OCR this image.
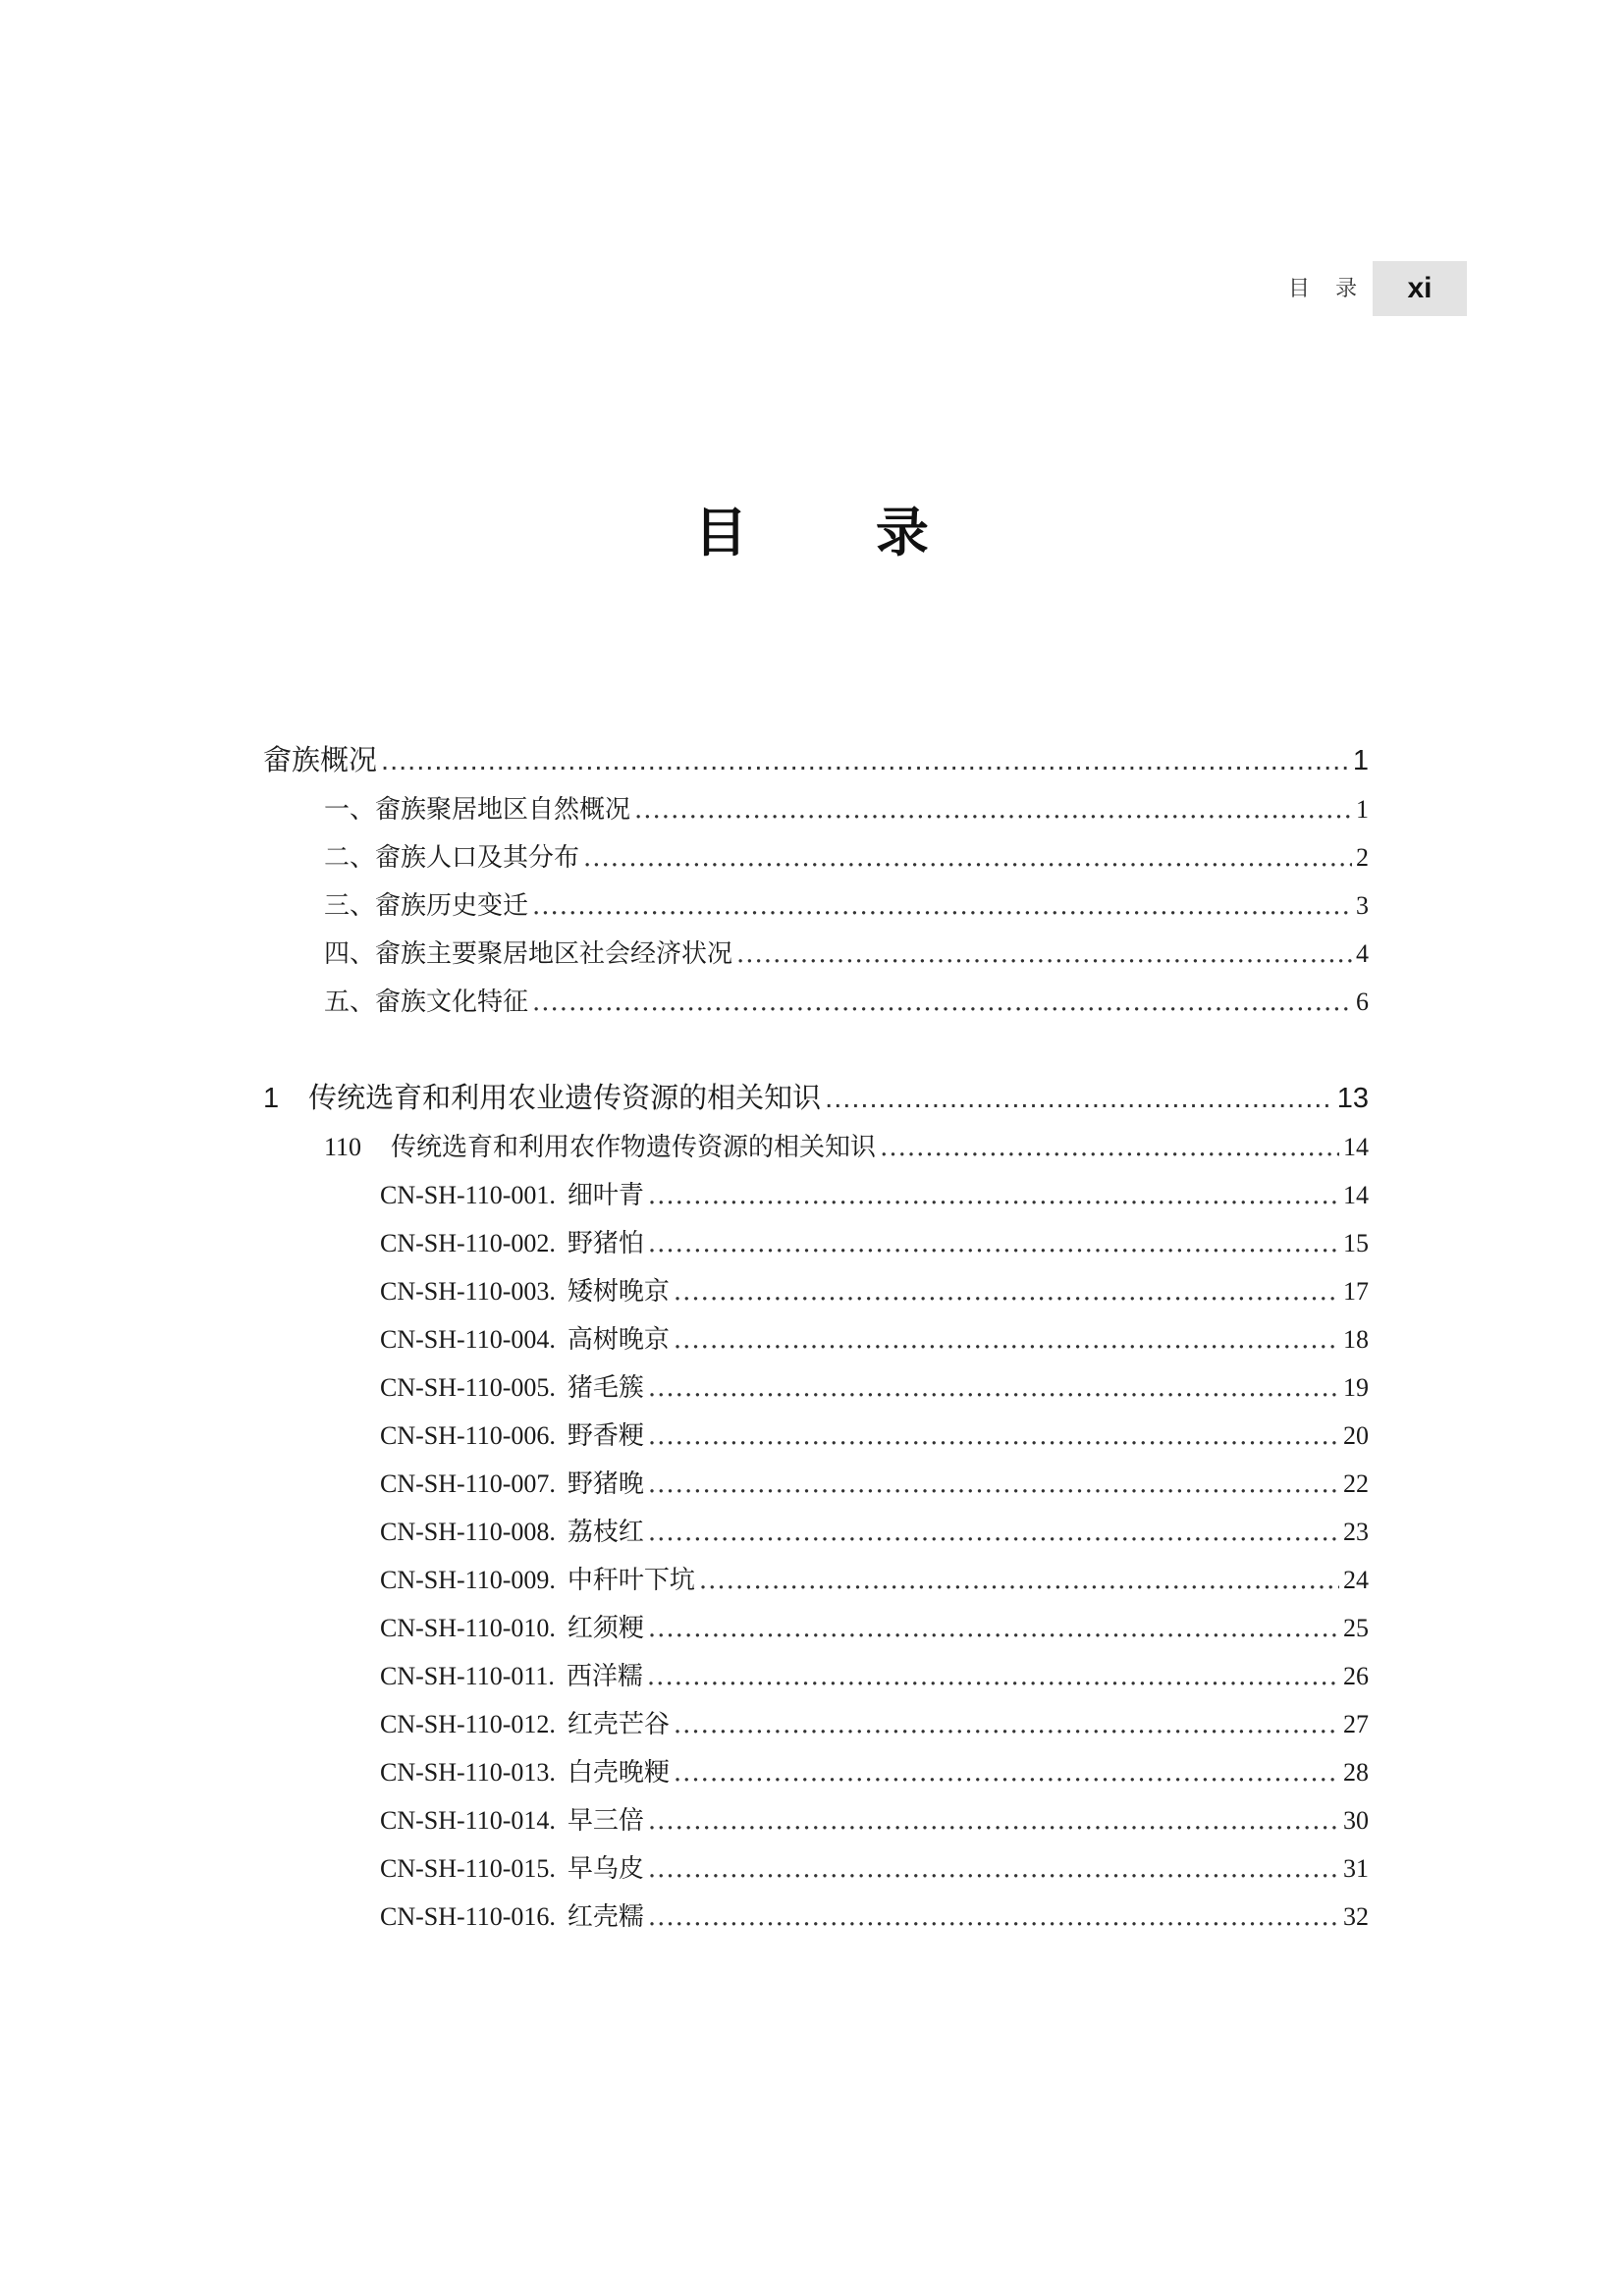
目 录	xi
目 录
畲族概况 .....	1
一、畲族聚居地区自然概况 .....	1
二、畲族人口及其分布 .....	2
三、畲族历史变迁 .....	3
四、畲族主要聚居地区社会经济状况 .....	4
五、畲族文化特征 .....	6
1 传统选育和利用农业遗传资源的相关知识 .....	13
110 传统选育和利用农作物遗传资源的相关知识 .....	14
CN-SH-110-001. 细叶青 .....	14
CN-SH-110-002. 野猪怕 .....	15
CN-SH-110-003. 矮树晚京 .....	17
CN-SH-110-004. 高树晚京 .....	18
CN-SH-110-005. 猪毛簇 .....	19
CN-SH-110-006. 野香粳 .....	20
CN-SH-110-007. 野猪晚 .....	22
CN-SH-110-008. 荔枝红 .....	23
CN-SH-110-009. 中秆叶下坑 .....	24
CN-SH-110-010. 红须粳 .....	25
CN-SH-110-011. 西洋糯 .....	26
CN-SH-110-012. 红壳芒谷 .....	27
CN-SH-110-013. 白壳晚粳 .....	28
CN-SH-110-014. 早三倍 .....	30
CN-SH-110-015. 早乌皮 .....	31
CN-SH-110-016. 红壳糯 .....	32
